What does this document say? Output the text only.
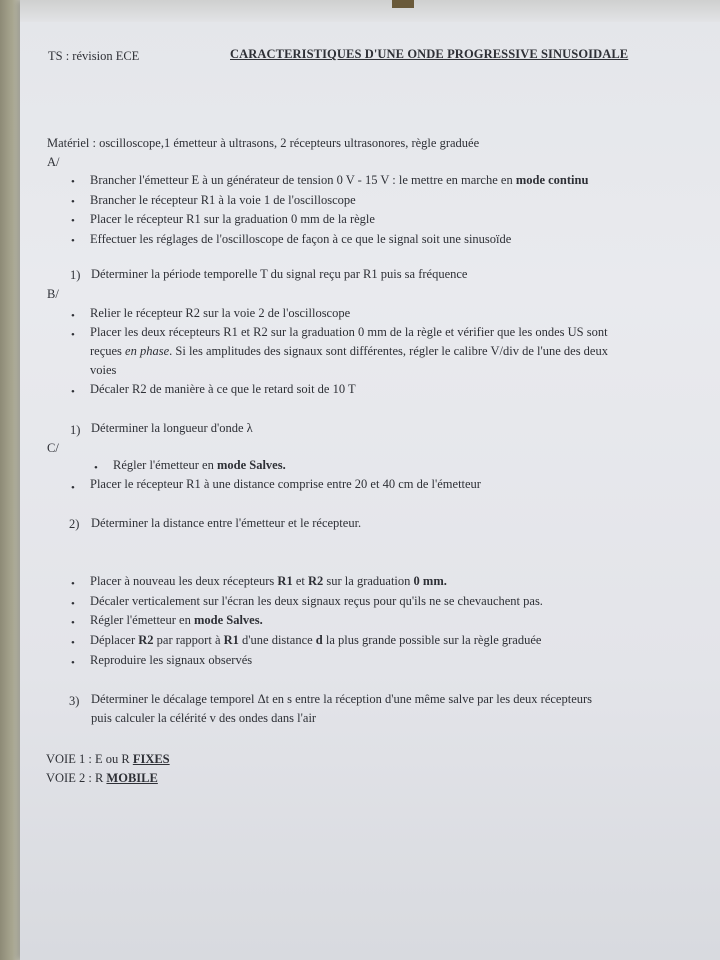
TS : révision ECE	CARACTERISTIQUES D'UNE ONDE PROGRESSIVE SINUSOIDALE
Matériel : oscilloscope,1 émetteur à ultrasons, 2 récepteurs ultrasonores, règle graduée
A/
• Brancher l'émetteur E à un générateur de tension 0 V - 15 V : le mettre en marche en mode continu
• Brancher le récepteur R1 à la voie 1 de l'oscilloscope
• Placer le récepteur R1 sur la graduation 0 mm de la règle
• Effectuer les réglages de l'oscilloscope de façon à ce que le signal soit une sinusoïde
1) Déterminer la période temporelle T du signal reçu par R1 puis sa fréquence
B/
• Relier le récepteur R2 sur la voie 2 de l'oscilloscope
• Placer les deux récepteurs R1 et R2 sur la graduation 0 mm de la règle et vérifier que les ondes US sont
reçues en phase. Si les amplitudes des signaux sont différentes, régler le calibre V/div de l'une des deux
voies
• Décaler R2 de manière à ce que le retard soit de 10 T
1) Déterminer la longueur d'onde λ
C/
• Régler l'émetteur en mode Salves.
• Placer le récepteur R1 à une distance comprise entre 20 et 40 cm de l'émetteur
2) Déterminer la distance entre l'émetteur et le récepteur.
• Placer à nouveau les deux récepteurs R1 et R2 sur la graduation 0 mm.
• Décaler verticalement sur l'écran les deux signaux reçus pour qu'ils ne se chevauchent pas.
• Régler l'émetteur en mode Salves.
• Déplacer R2 par rapport à R1 d'une distance d la plus grande possible sur la règle graduée
• Reproduire les signaux observés
3) Déterminer le décalage temporel Δt en s entre la réception d'une même salve par les deux récepteurs
puis calculer la célérité v des ondes dans l'air
VOIE 1 : E ou R FIXES
VOIE 2 : R MOBILE
